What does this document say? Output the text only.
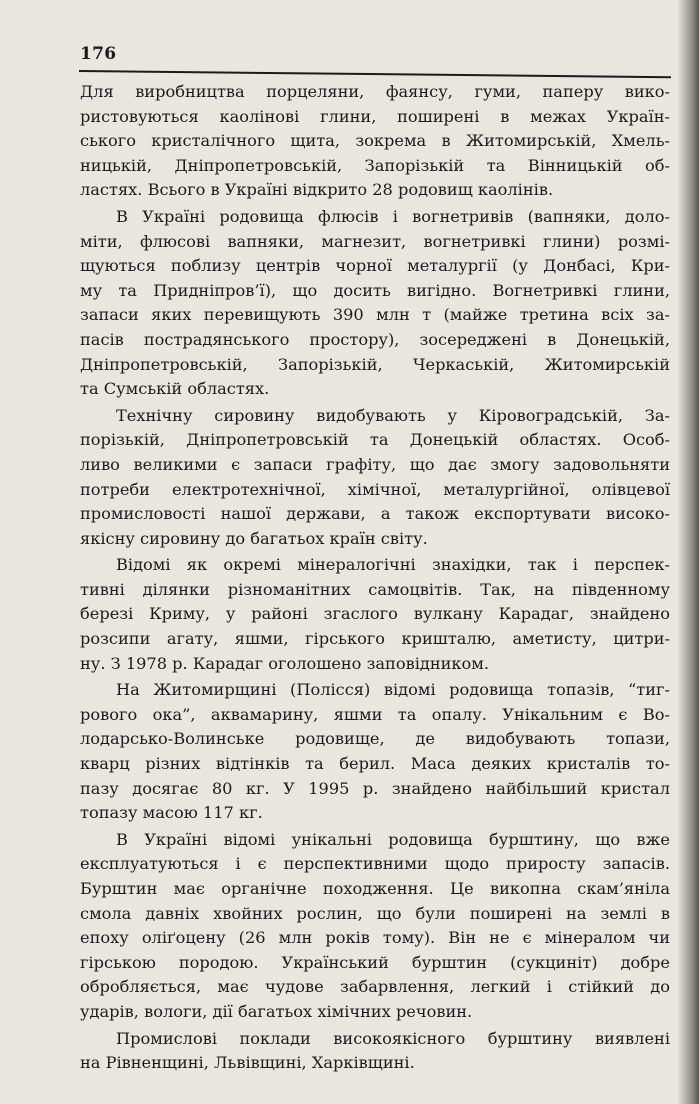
176
Для виробництва порцеляни, фаянсу, гуми, паперу вико-
ристовуються каолінові глини, поширені в межах Україн-
ського кристалічного щита, зокрема в Житомирській, Хмель-
ницькій, Дніпропетровській, Запорізькій та Вінницькій об-
ластях. Всього в Україні відкрито 28 родовищ каолінів.
В Україні родовища флюсів і вогнетривів (вапняки, доло-
міти, флюсові вапняки, магнезит, вогнетривкі глини) розмі-
щуються поблизу центрів чорної металургії (у Донбасі, Кри-
му та Придніпров’ї), що досить вигідно. Вогнетривкі глини,
запаси яких перевищують 390 млн т (майже третина всіх за-
пасів пострадянського простору), зосереджені в Донецькій,
Дніпропетровській, Запорізькій, Черкаській, Житомирській
та Сумській областях.
Технічну сировину видобувають у Кіровоградській, За-
порізькій, Дніпропетровській та Донецькій областях. Особ-
ливо великими є запаси графіту, що дає змогу задовольняти
потреби електротехнічної, хімічної, металургійної, олівцевої
промисловості нашої держави, а також експортувати високо-
якісну сировину до багатьох країн світу.
Відомі як окремі мінералогічні знахідки, так і перспек-
тивні ділянки різноманітних самоцвітів. Так, на південному
березі Криму, у районі згаслого вулкану Карадаг, знайдено
розсипи агату, яшми, гірського кришталю, аметисту, цитри-
ну. З 1978 р. Карадаг оголошено заповідником.
На Житомирщині (Полісся) відомі родовища топазів, “тиг-
рового ока”, аквамарину, яшми та опалу. Унікальним є Во-
лодарсько-Волинське родовище, де видобувають топази,
кварц різних відтінків та берил. Маса деяких кристалів то-
пазу досягає 80 кг. У 1995 р. знайдено найбільший кристал
топазу масою 117 кг.
В Україні відомі унікальні родовища бурштину, що вже
експлуатуються і є перспективними щодо приросту запасів.
Бурштин має органічне походження. Це викопна скам’яніла
смола давніх хвойних рослин, що були поширені на землі в
епоху оліґоцену (26 млн років тому). Він не є мінералом чи
гірською породою. Український бурштин (сукциніт) добре
обробляється, має чудове забарвлення, легкий і стійкий до
ударів, вологи, дії багатьох хімічних речовин.
Промислові поклади високоякісного бурштину виявлені
на Рівненщині, Львівщині, Харківщині.
